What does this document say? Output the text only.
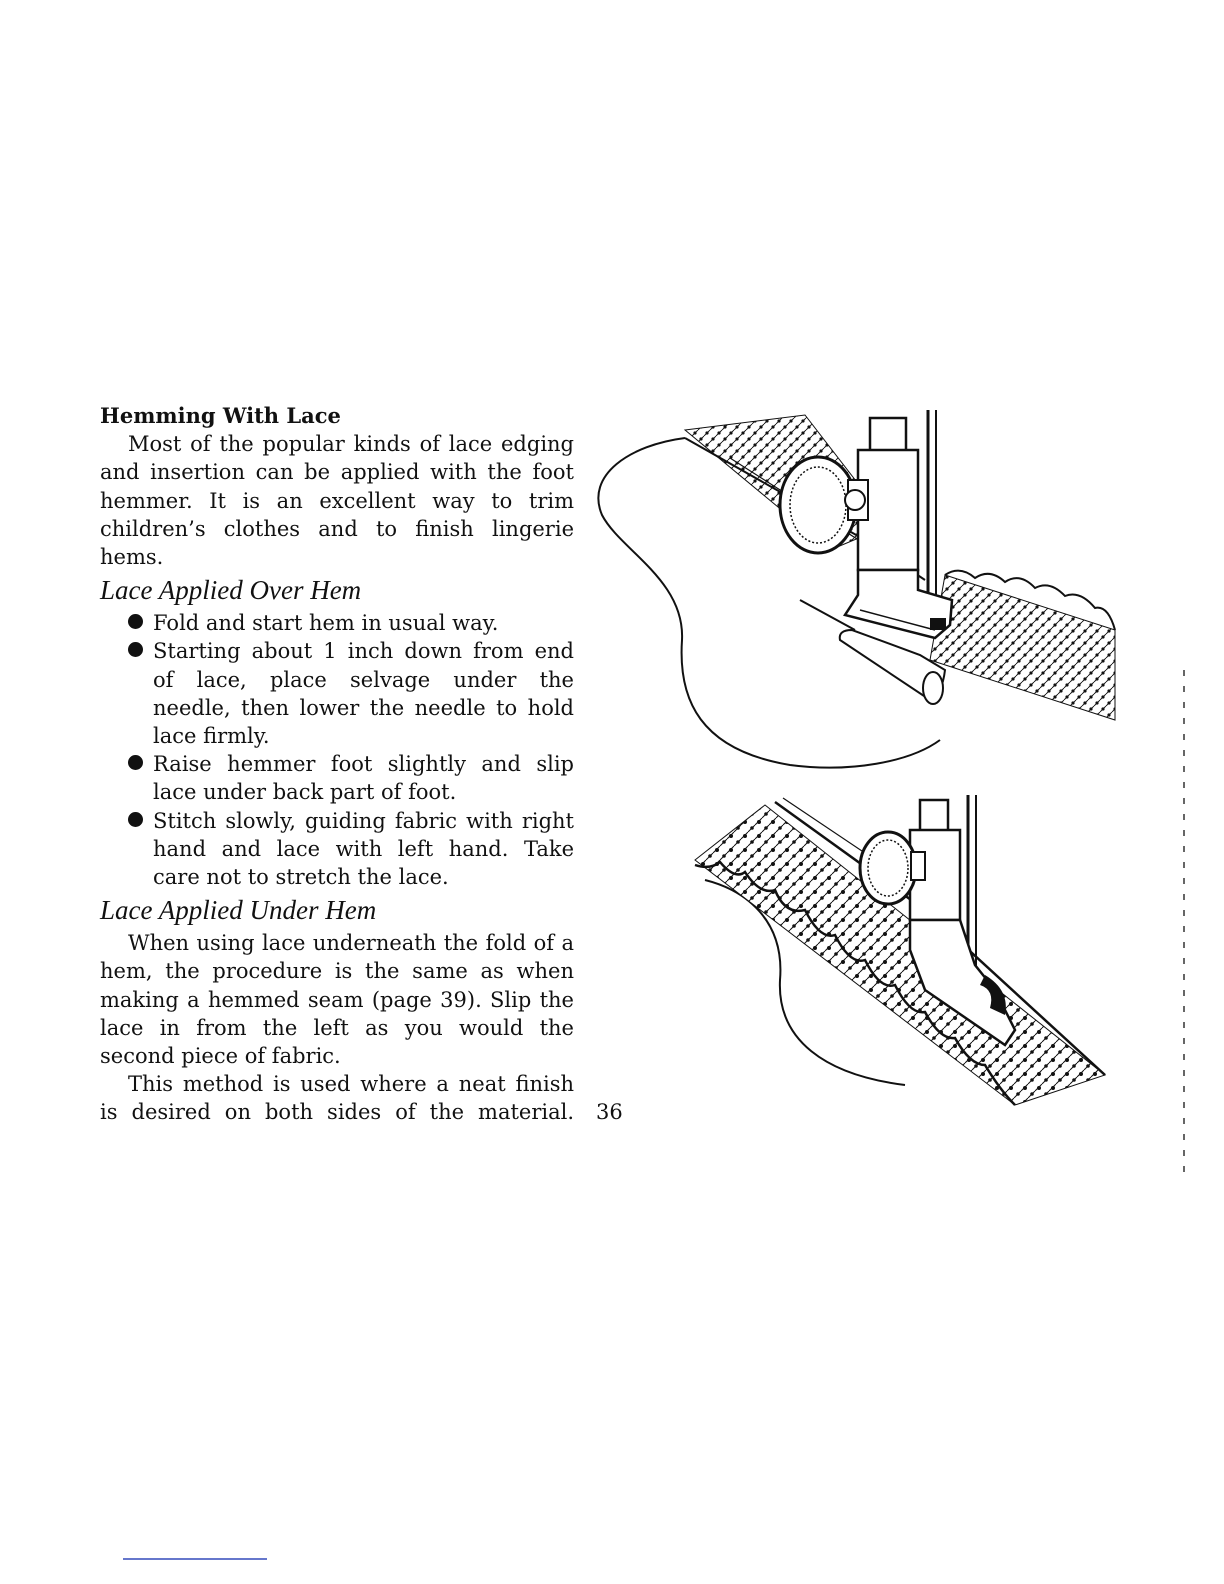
Hemming With Lace
Most of the popular kinds of lace edging and insertion can be applied with the foot hemmer. It is an excellent way to trim children’s clothes and to finish lingerie hems.
Lace Applied Over Hem
Fold and start hem in usual way.
Starting about 1 inch down from end of lace, place selvage under the needle, then lower the needle to hold lace firmly.
Raise hemmer foot slightly and slip lace under back part of foot.
Stitch slowly, guiding fabric with right hand and lace with left hand. Take care not to stretch the lace.
Lace Applied Under Hem
When using lace underneath the fold of a hem, the procedure is the same as when making a hemmed seam (page 39). Slip the lace in from the left as you would the second piece of fabric.
This method is used where a neat finish is desired on both sides of the material. 36
